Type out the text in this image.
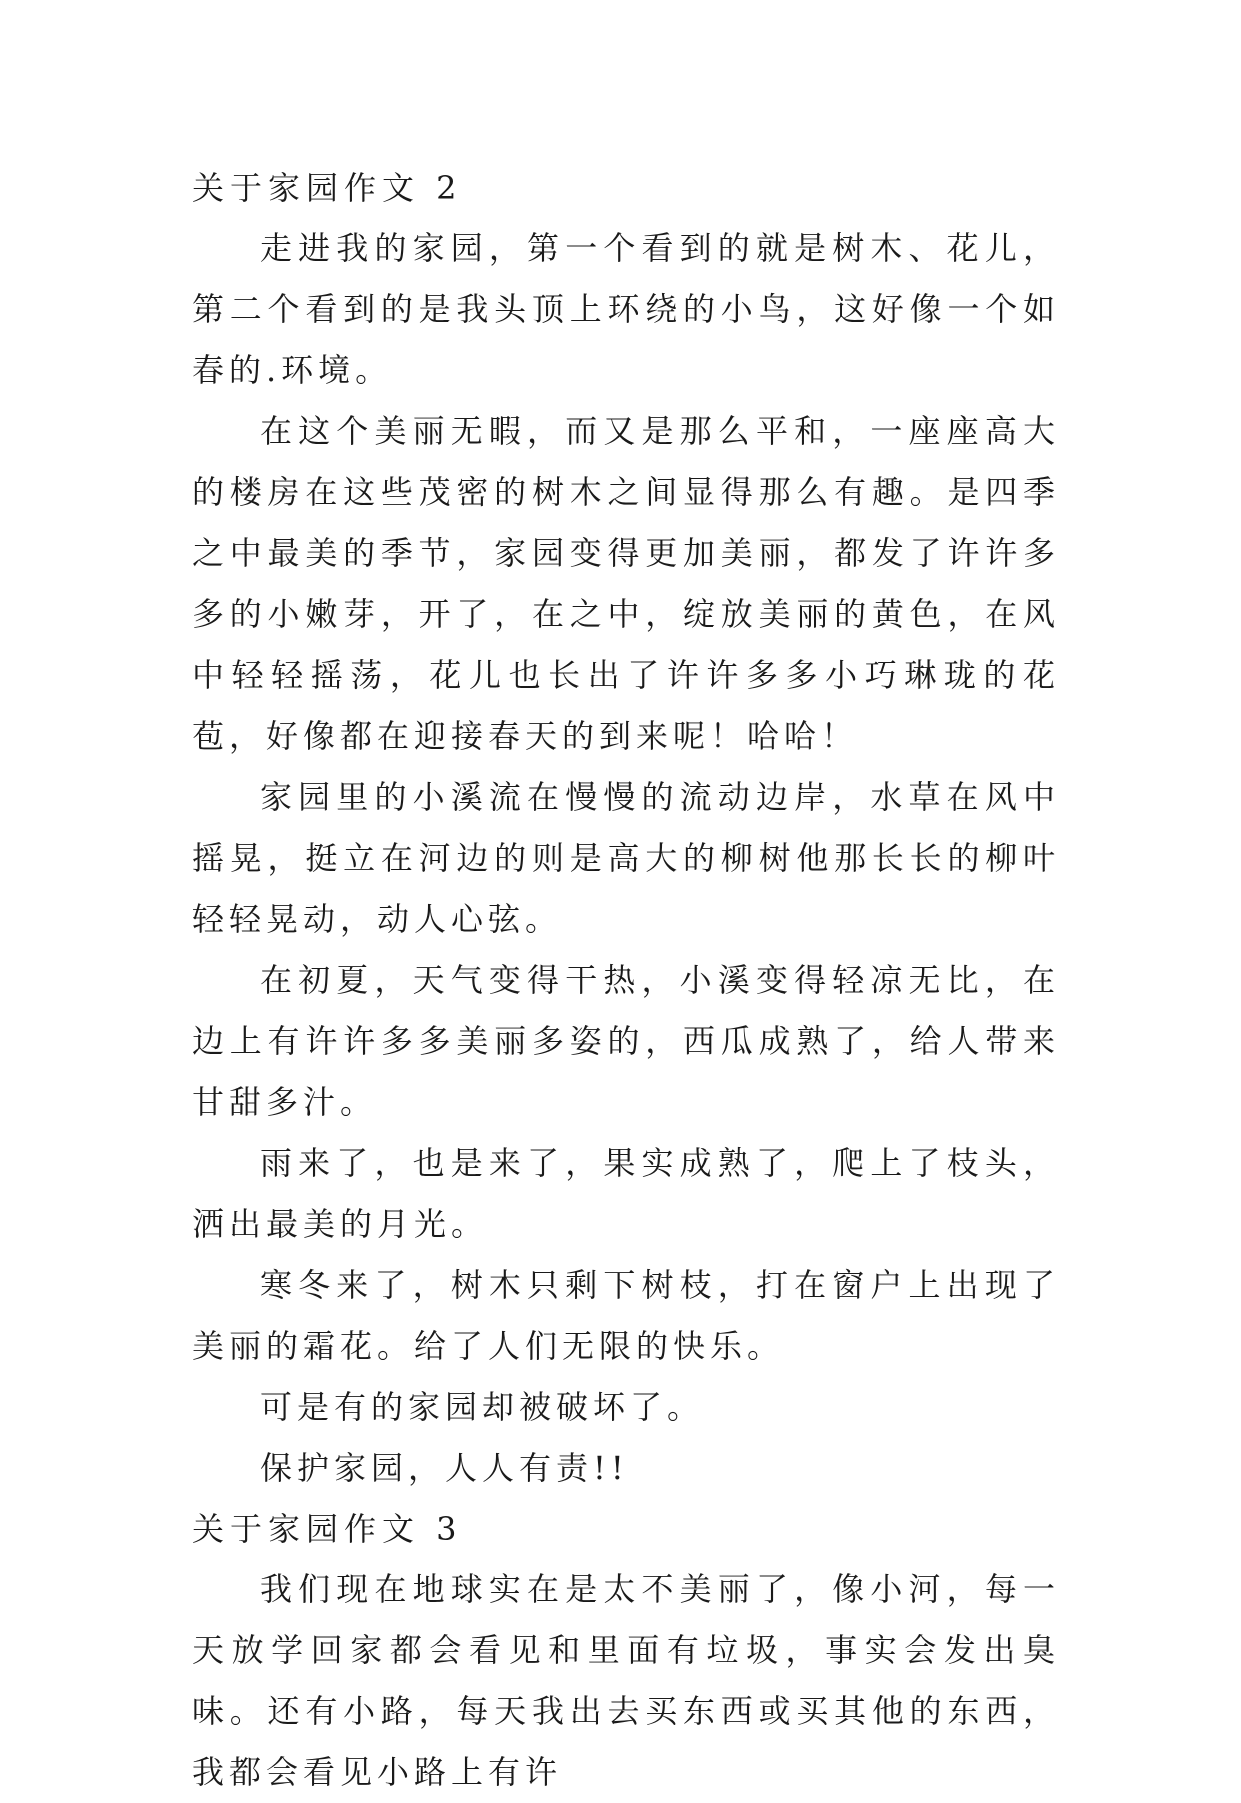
关于家园作文 2

走进我的家园，第一个看到的就是树木、花儿，第二个看到的是我头顶上环绕的小鸟，这好像一个如春的.环境。

在这个美丽无暇，而又是那么平和，一座座高大的楼房在这些茂密的树木之间显得那么有趣。是四季之中最美的季节，家园变得更加美丽，都发了许许多多的小嫩芽，开了，在之中，绽放美丽的黄色，在风中轻轻摇荡，花儿也长出了许许多多小巧琳珑的花苞，好像都在迎接春天的到来呢！哈哈！

家园里的小溪流在慢慢的流动边岸，水草在风中摇晃，挺立在河边的则是高大的柳树他那长长的柳叶轻轻晃动，动人心弦。

在初夏，天气变得干热，小溪变得轻凉无比，在边上有许许多多美丽多姿的，西瓜成熟了，给人带来甘甜多汁。

雨来了，也是来了，果实成熟了，爬上了枝头，洒出最美的月光。

寒冬来了，树木只剩下树枝，打在窗户上出现了美丽的霜花。给了人们无限的快乐。

可是有的家园却被破坏了。

保护家园，人人有责!!

关于家园作文 3

我们现在地球实在是太不美丽了，像小河，每一天放学回家都会看见和里面有垃圾，事实会发出臭味。还有小路，每天我出去买东西或买其他的东西，我都会看见小路上有许
